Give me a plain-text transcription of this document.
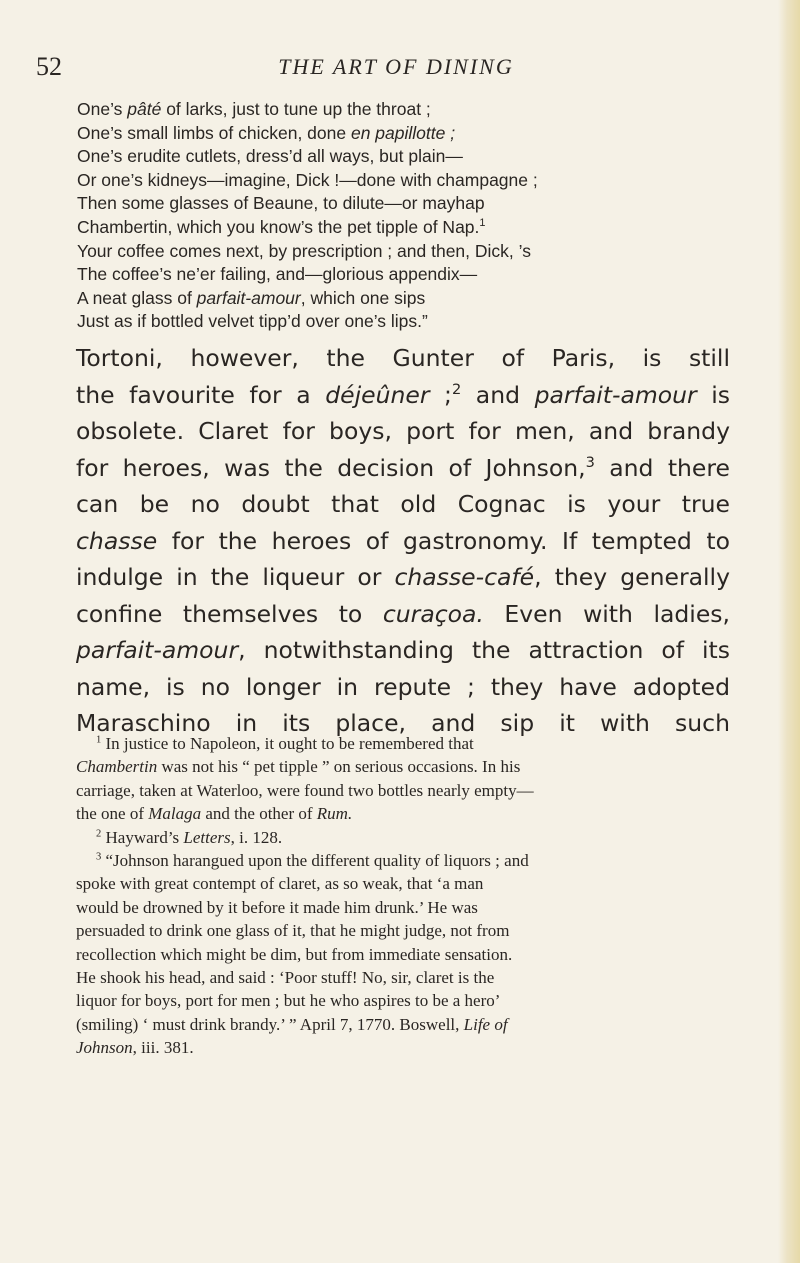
52	THE ART OF DINING
One’s pâté of larks, just to tune up the throat ;
One’s small limbs of chicken, done en papillotte ;
One’s erudite cutlets, dress’d all ways, but plain—
Or one’s kidneys—imagine, Dick !—done with champagne ;
Then some glasses of Beaune, to dilute—or mayhap
Chambertin, which you know’s the pet tipple of Nap.$^1$
Your coffee comes next, by prescription ; and then, Dick, ’s
The coffee’s ne’er failing, and—glorious appendix—
A neat glass of parfait-amour, which one sips
Just as if bottled velvet tipp’d over one’s lips.”
Tortoni, however, the Gunter of Paris, is still
the favourite for a déjeûner ;$^2$ and parfait-amour is
obsolete. Claret for boys, port for men, and brandy
for heroes, was the decision of Johnson,$^3$ and there
can be no doubt that old Cognac is your true
chasse for the heroes of gastronomy. If tempted to
indulge in the liqueur or chasse-café, they generally
confine themselves to curaçoa. Even with ladies,
parfait-amour, notwithstanding the attraction of its
name, is no longer in repute ; they have adopted
Maraschino in its place, and sip it with such
$^1$ In justice to Napoleon, it ought to be remembered that
Chambertin was not his “ pet tipple ” on serious occasions. In his
carriage, taken at Waterloo, were found two bottles nearly empty—
the one of Malaga and the other of Rum.
$^2$ Hayward’s Letters, i. 128.
$^3$ “Johnson harangued upon the different quality of liquors ; and
spoke with great contempt of claret, as so weak, that ‘a man
would be drowned by it before it made him drunk.’ He was
persuaded to drink one glass of it, that he might judge, not from
recollection which might be dim, but from immediate sensation.
He shook his head, and said : ‘Poor stuff! No, sir, claret is the
liquor for boys, port for men ; but he who aspires to be a hero’
(smiling) ‘ must drink brandy.’ ” April 7, 1770. Boswell, Life of
Johnson, iii. 381.
